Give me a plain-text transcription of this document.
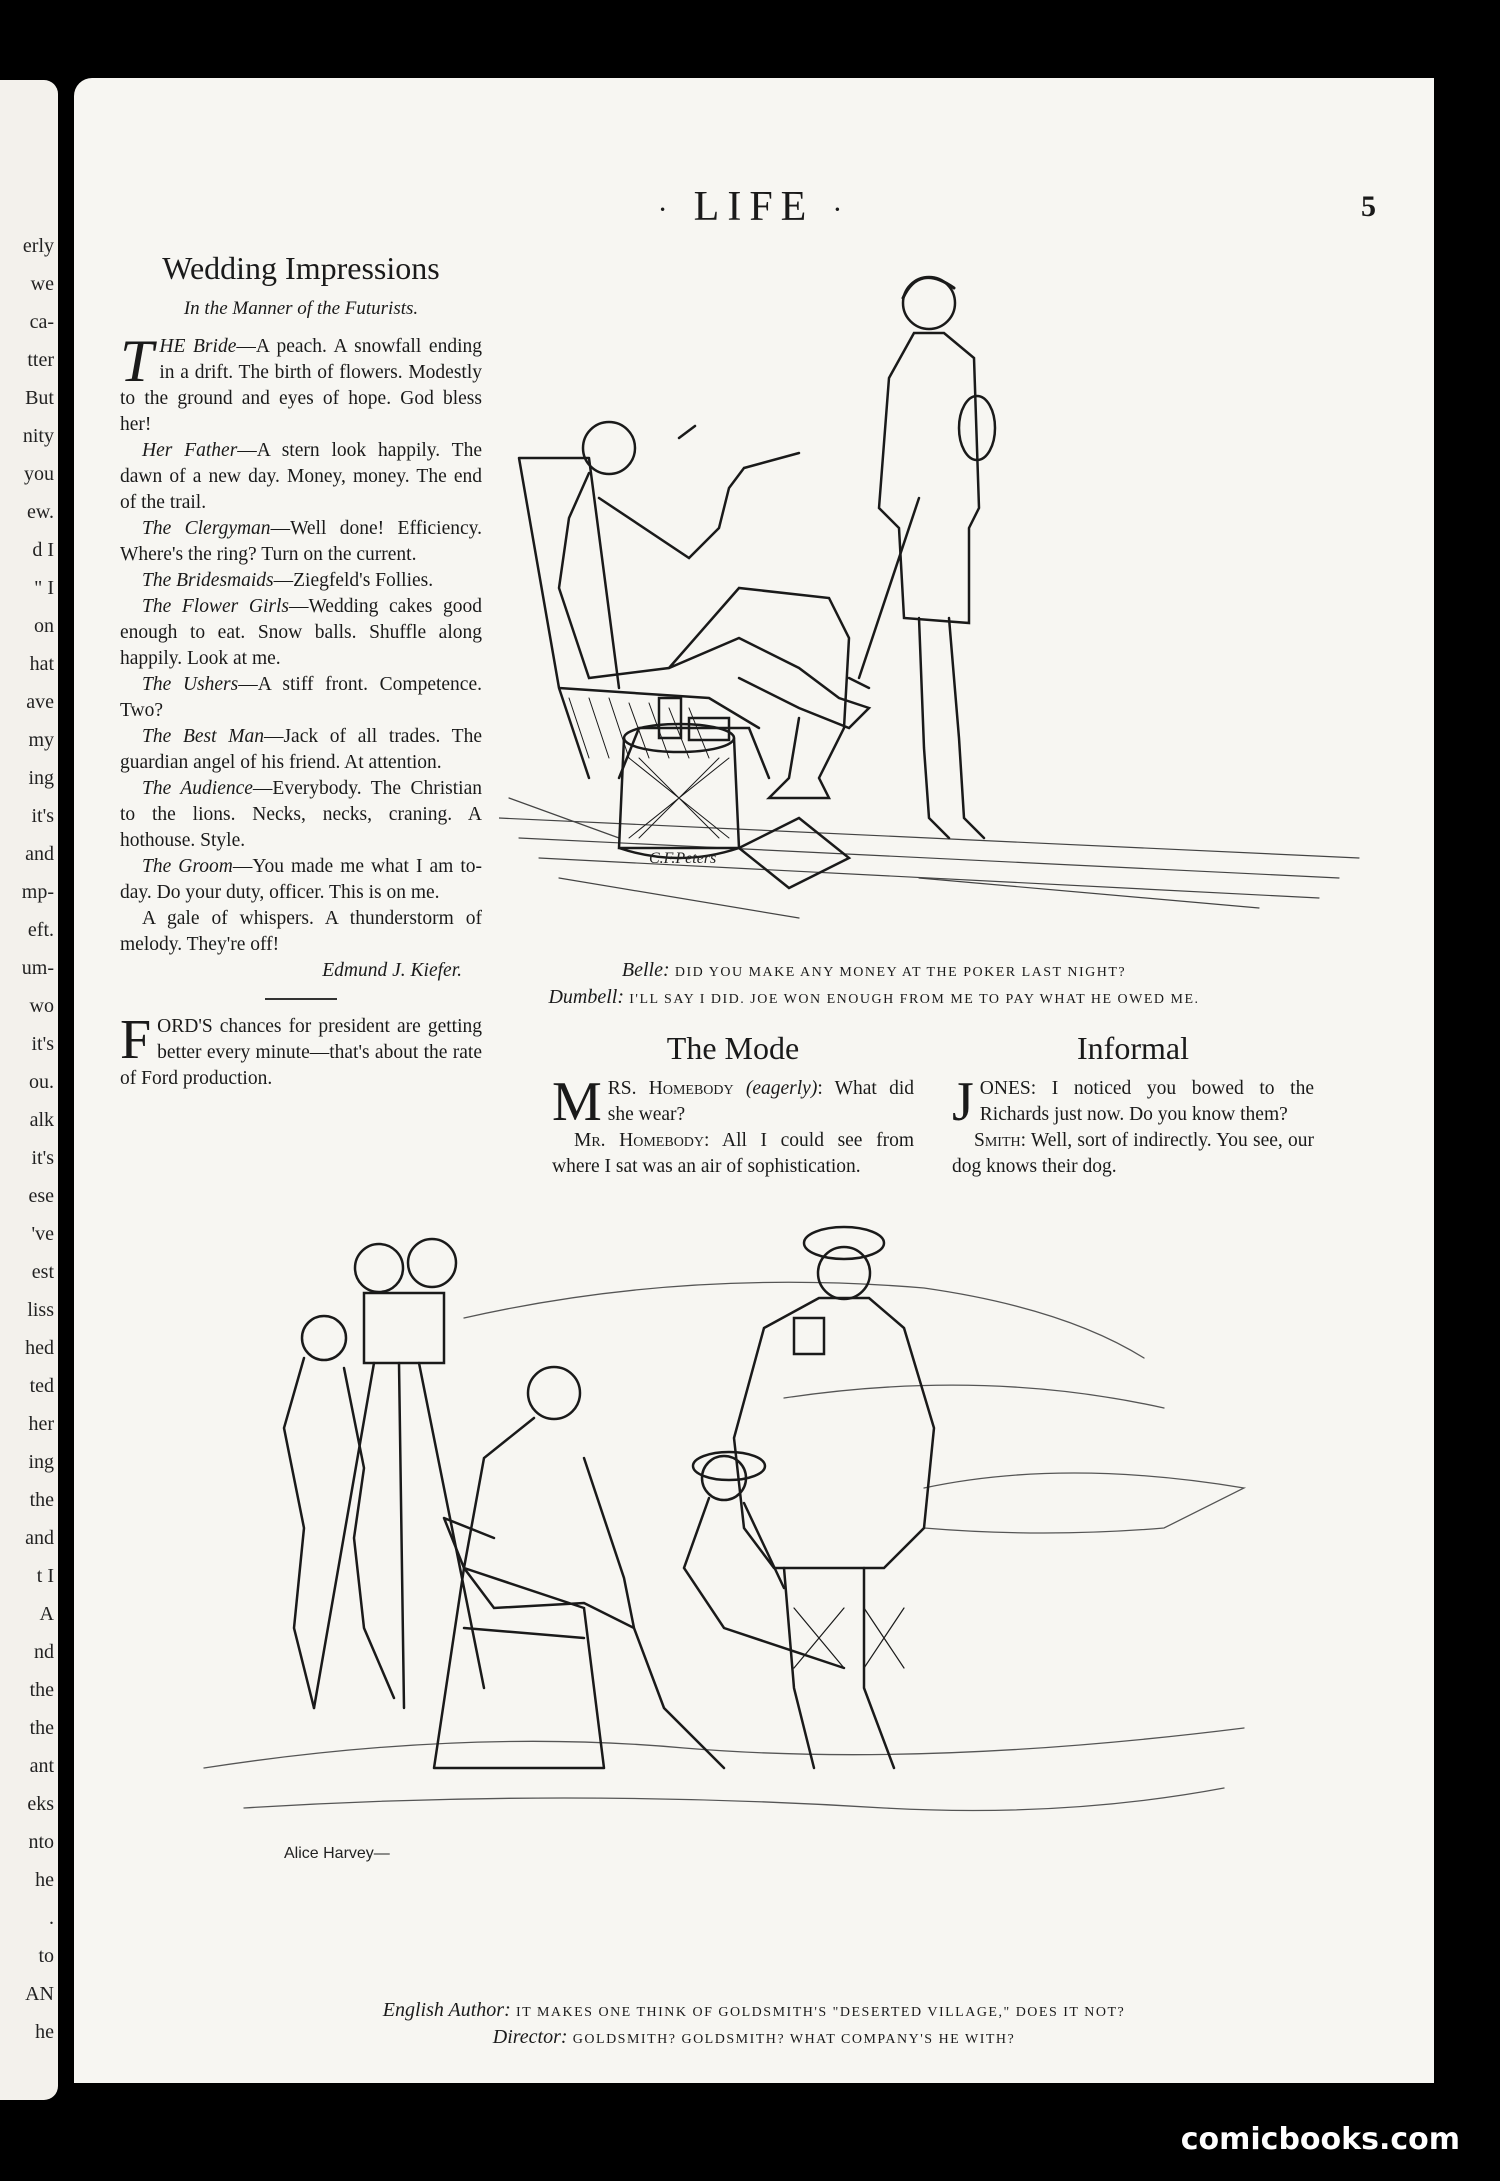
erly
we
ca-
tter
But
nity
you
ew.
d I
" I
on
hat
ave
my
ing
it's
and
mp-
eft.
um-
wo
it's
ou.
alk
it's
ese
've
est
liss
hed
ted
her
ing
the
and
t I
A
nd
the
the
ant
eks
nto
he
.
to
AN
he
· LIFE ·	5
Wedding Impressions
In the Manner of the Futurists.

THE Bride—A peach. A snowfall ending in a drift. The birth of flowers. Modestly to the ground and eyes of hope. God bless her!

Her Father—A stern look happily. The dawn of a new day. Money, money. The end of the trail.

The Clergyman—Well done! Efficiency. Where's the ring? Turn on the current.

The Bridesmaids—Ziegfeld's Follies.

The Flower Girls—Wedding cakes good enough to eat. Snow balls. Shuffle along happily. Look at me.

The Ushers—A stiff front. Competence. Two?

The Best Man—Jack of all trades. The guardian angel of his friend. At attention.

The Audience—Everybody. The Christian to the lions. Necks, necks, craning. A hothouse. Style.

The Groom—You made me what I am to-day. Do your duty, officer. This is on me.

A gale of whispers. A thunderstorm of melody. They're off!

Edmund J. Kiefer.

FORD'S chances for president are getting better every minute—that's about the rate of Ford production.

C.F.Peters
Belle: DID YOU MAKE ANY MONEY AT THE POKER LAST NIGHT?
Dumbell: I'LL SAY I DID. JOE WON ENOUGH FROM ME TO PAY WHAT HE OWED ME.
The Mode

MRS. Homebody (eagerly): What did she wear?

Mr. Homebody: All I could see from where I sat was an air of sophistication.

Informal

JONES: I noticed you bowed to the Richards just now. Do you know them?

Smith: Well, sort of indirectly. You see, our dog knows their dog.

Alice Harvey—
English Author: IT MAKES ONE THINK OF GOLDSMITH'S "DESERTED VILLAGE," DOES IT NOT?
Director: GOLDSMITH? GOLDSMITH? WHAT COMPANY'S HE WITH?
comicbooks.com
